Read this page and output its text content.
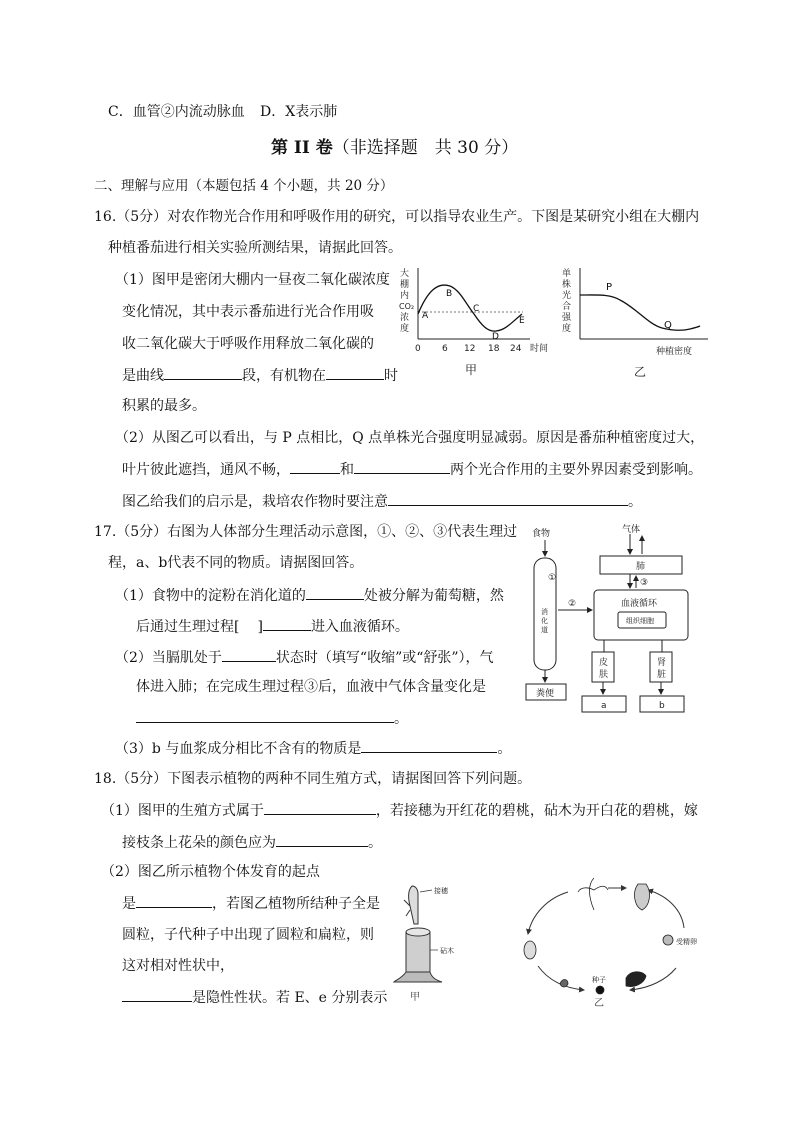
C．血管②内流动脉血 D．X表示肺
第 II 卷（非选择题　共 30 分）
二、理解与应用（本题包括 4 个小题，共 20 分）
16.（5分）对农作物光合作用和呼吸作用的研究，可以指导农业生产。下图是某研究小组在大棚内
种植番茄进行相关实验所测结果，请据此回答。
（1）图甲是密闭大棚内一昼夜二氧化碳浓度
变化情况，其中表示番茄进行光合作用吸
收二氧化碳大于呼吸作用释放二氧化碳的
是曲线	段，有机物在	时
积累的最多。
（2）从图乙可以看出，与 P 点相比，Q 点单株光合强度明显减弱。原因是番茄种植密度过大，
叶片彼此遮挡，通风不畅，	和	两个光合作用的主要外界因素受到影响。
图乙给我们的启示是，栽培农作物时要注意	。
大
棚
内
CO₂
浓
度
A
B
C
D
E
0 6 12 18 24 时间
甲
单
株
光
合
强
度
P
Q
种植密度
乙
17.（5分）右图为人体部分生理活动示意图，①、②、③代表生理过
程，a、b代表不同的物质。请据图回答。
（1）食物中的淀粉在消化道的	处被分解为葡萄糖，然
后通过生理过程[ ]	进入血液循环。
（2）当膈肌处于	状态时（填写“收缩”或“舒张”），气
体进入肺；在完成生理过程③后，血液中气体含量变化是
。
（3）b 与血浆成分相比不含有的物质是	。
气体
肺
③
食物
①
消
化
道
②	血液循环
组织细胞
粪便
皮
肤
肾
脏
a	b
18.（5分）下图表示植物的两种不同生殖方式，请据图回答下列问题。
（1）图甲的生殖方式属于	，若接穗为开红花的碧桃，砧木为开白花的碧桃，嫁
接枝条上花朵的颜色应为	。
（2）图乙所示植物个体发育的起点
是	，若图乙植物所结种子全是
圆粒，子代种子中出现了圆粒和扁粒，则
这对相对性状中，
是隐性性状。若 E、e 分别表示
接穗
砧木
甲
受精卵
种子
乙
